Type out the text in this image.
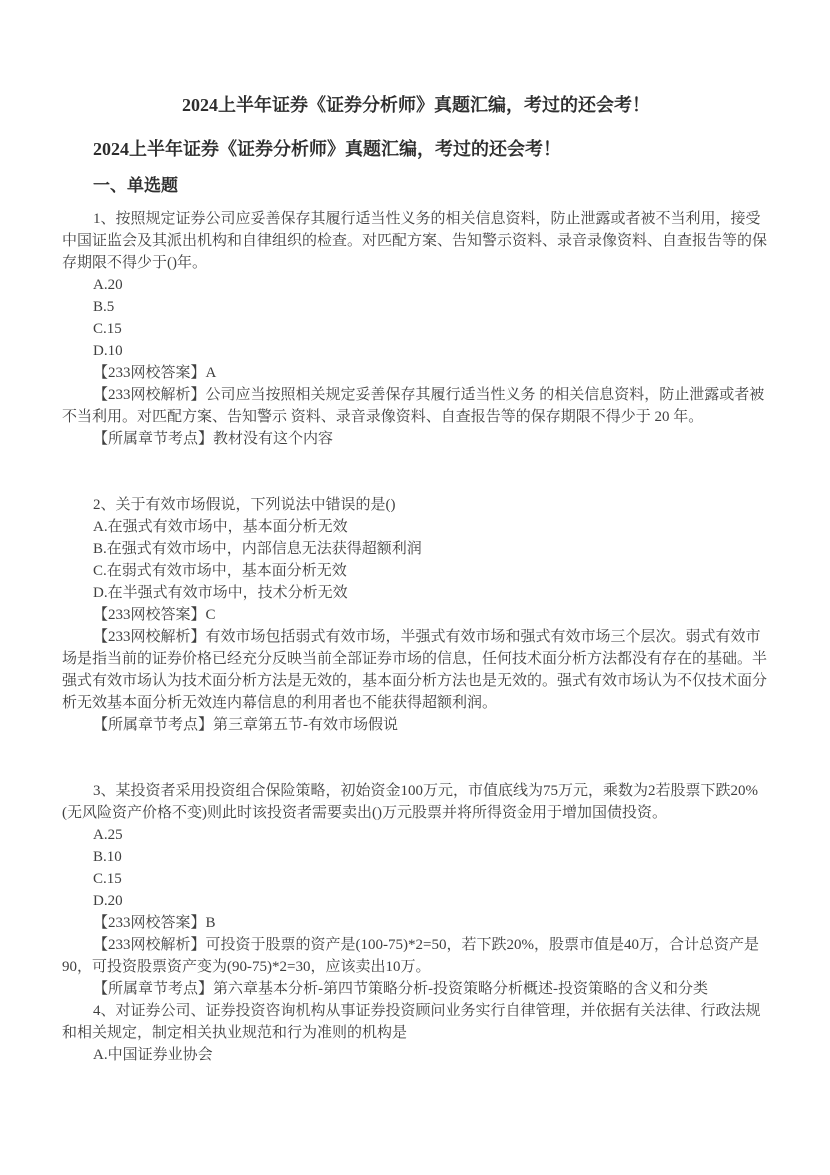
2024上半年证券《证券分析师》真题汇编，考过的还会考！
2024上半年证券《证券分析师》真题汇编，考过的还会考！
一、单选题

1、按照规定证券公司应妥善保存其履行适当性义务的相关信息资料，防止泄露或者被不当利用，接受中国证监会及其派出机构和自律组织的检查。对匹配方案、告知警示资料、录音录像资料、自查报告等的保存期限不得少于()年。

A.20

B.5

C.15

D.10

【233网校答案】A

【233网校解析】公司应当按照相关规定妥善保存其履行适当性义务 的相关信息资料，防止泄露或者被不当利用。对匹配方案、告知警示 资料、录音录像资料、自查报告等的保存期限不得少于 20 年。

【所属章节考点】教材没有这个内容

2、关于有效市场假说，下列说法中错误的是()

A.在强式有效市场中，基本面分析无效

B.在强式有效市场中，内部信息无法获得超额利润

C.在弱式有效市场中，基本面分析无效

D.在半强式有效市场中，技术分析无效

【233网校答案】C

【233网校解析】有效市场包括弱式有效市场，半强式有效市场和强式有效市场三个层次。弱式有效市场是指当前的证券价格已经充分反映当前全部证券市场的信息，任何技术面分析方法都没有存在的基础。半强式有效市场认为技术面分析方法是无效的，基本面分析方法也是无效的。强式有效市场认为不仅技术面分析无效基本面分析无效连内幕信息的利用者也不能获得超额利润。

【所属章节考点】第三章第五节-有效市场假说

3、某投资者采用投资组合保险策略，初始资金100万元，市值底线为75万元，乘数为2若股票下跌20%(无风险资产价格不变)则此时该投资者需要卖出()万元股票并将所得资金用于增加国债投资。

A.25

B.10

C.15

D.20

【233网校答案】B

【233网校解析】可投资于股票的资产是(100-75)*2=50，若下跌20%，股票市值是40万，合计总资产是90，可投资股票资产变为(90-75)*2=30，应该卖出10万。

【所属章节考点】第六章基本分析-第四节策略分析-投资策略分析概述-投资策略的含义和分类

4、对证券公司、证券投资咨询机构从事证券投资顾问业务实行自律管理，并依据有关法律、行政法规和相关规定，制定相关执业规范和行为准则的机构是

A.中国证券业协会
